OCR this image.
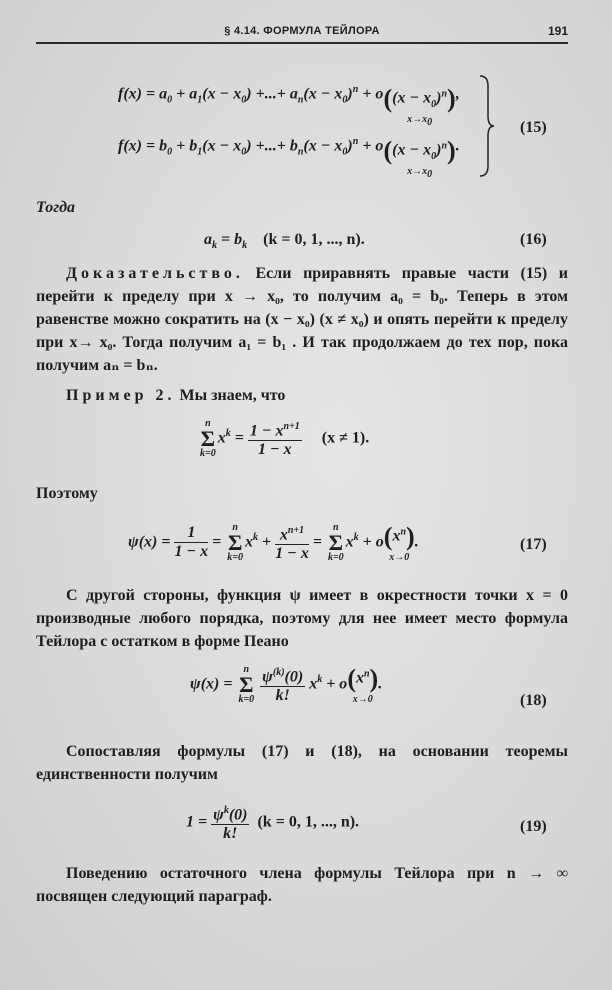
§ 4.14. ФОРМУЛА ТЕЙЛОРА	191
$f(x) = a_0 + a_1(x - x_0)$ +...+ $a_n(x - x_0)^n + o((x - x_0)^n)$
$x\to x_0$
,
$f(x) = b_0 + b_1(x - x_0)$ +...+ $b_n(x - x_0)^n + o((x - x_0)^n)$
$x\to x_0$
.
(15)
Тогда
$a_k = b_k$ (k = 0, 1, ..., n).	(16)
Доказательство. Если приравнять правые части (15) и перейти к пределу при x → x₀, то получим a₀ = b₀. Теперь в этом равенстве можно сократить на (x − x₀) (x ≠ x₀) и опять перейти к пределу при x→ x₀. Тогда получим a₁ = b₁ . И так продолжаем до тех пор, пока получим aₙ = bₙ.
Пример 2. Мы знаем, что
n
Σ
k=0
$x^k = \frac{1 - x^{n+1}}{1 - x} (x \ne 1)$.
Поэтому
$\psi(x) = \frac{1}{1 - x}$ =
n
Σ
k=0
$x^k + \frac{x^{n+1}}{1 - x}$ =
n
Σ
k=0
$x^k + o(x^n)$
x→0
.	(17)
С другой стороны, функция ψ имеет в окрестности точки x = 0 производные любого порядка, поэтому для нее имеет место формула Тейлора с остатком в форме Пеано
ψ(x) =
n
Σ
k=0
$\frac{\psi^{(k)}(0)}{k!} x^k + o(x^n)$
x→0
.
(18)
Сопоставляя формулы (17) и (18), на основании теоремы единственности получим
$1 = \frac{\psi^k(0)}{k!} (k = 0$, 1, ..., n).	(19)
Поведению остаточного члена формулы Тейлора при n → ∞ посвящен следующий параграф.
